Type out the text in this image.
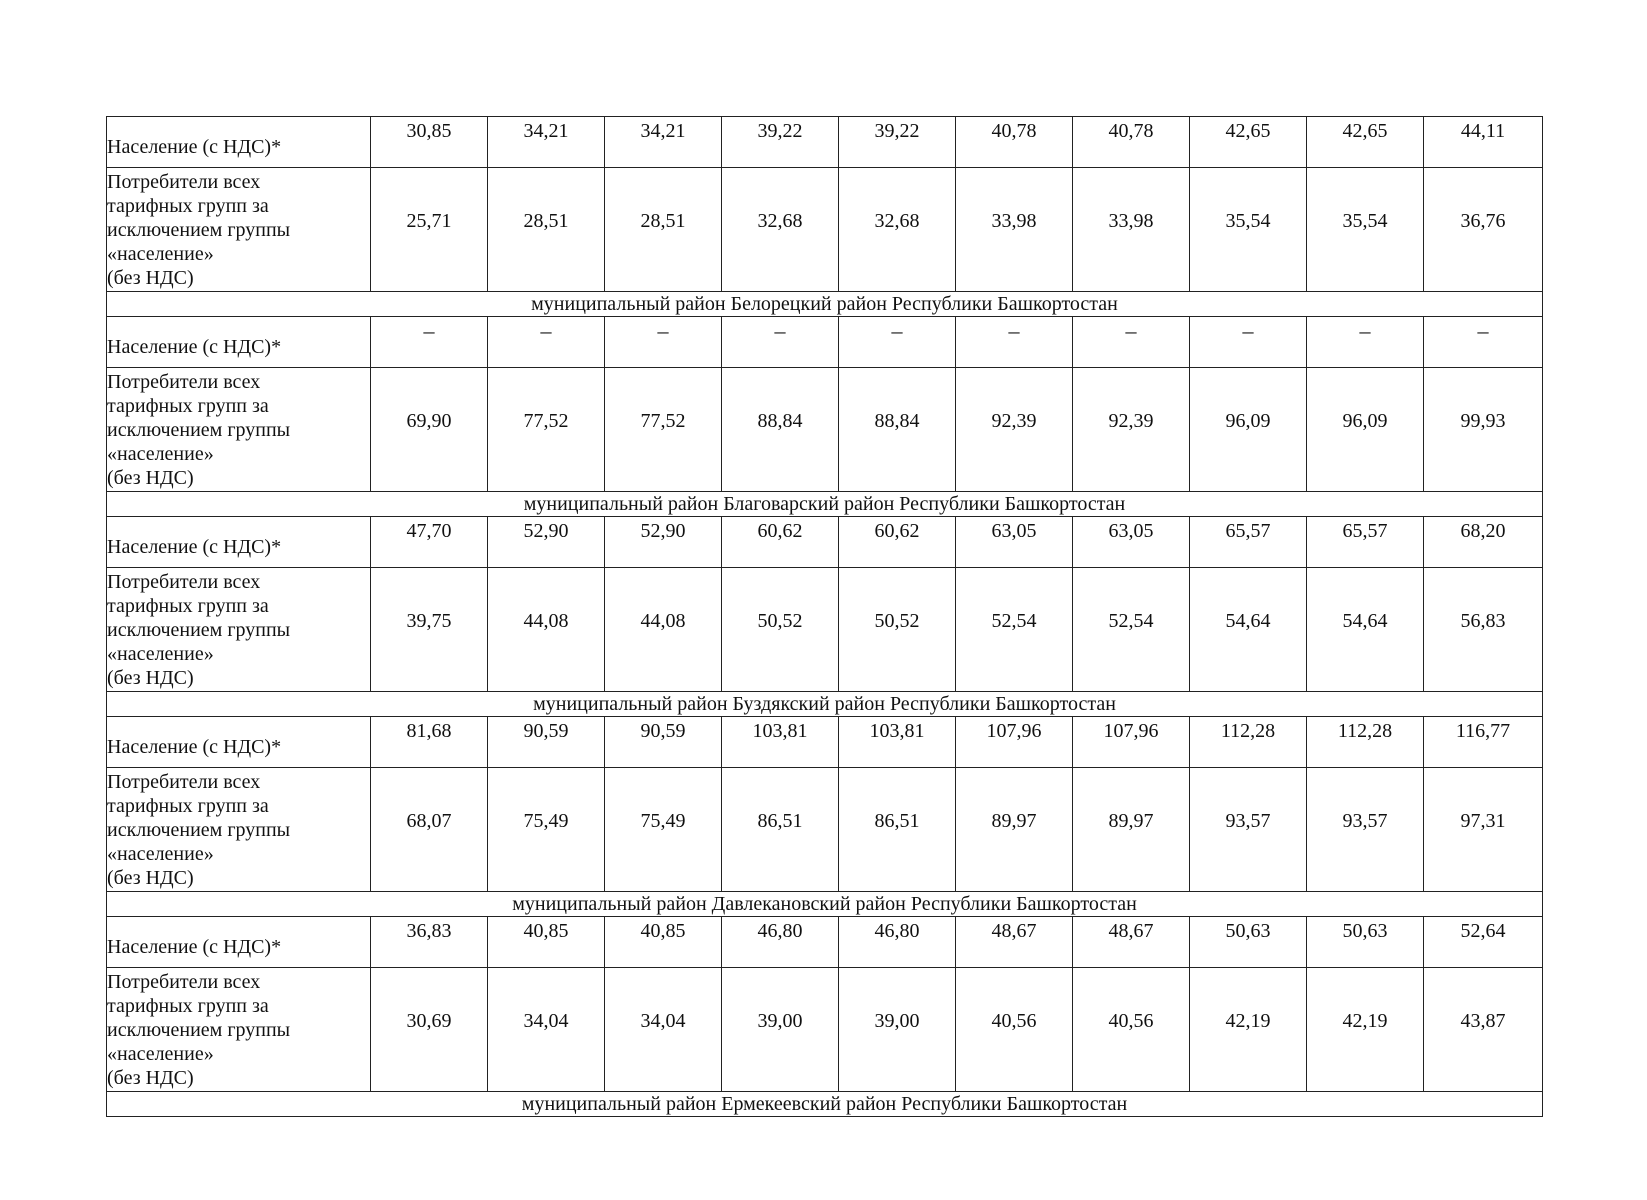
Население (с НДС)*	30,85	34,21	34,21	39,22	39,22	40,78	40,78	42,65	42,65	44,11

Потребители всех
тарифных групп за
исключением группы
«население»
(без НДС)	25,71	28,51	28,51	32,68	32,68	33,98	33,98	35,54	35,54	36,76
муниципальный район Белорецкий район Республики Башкортостан										
Население (с НДС)*	–	–	–	–	–	–	–	–	–	–

Потребители всех
тарифных групп за
исключением группы
«население»
(без НДС)	69,90	77,52	77,52	88,84	88,84	92,39	92,39	96,09	96,09	99,93
муниципальный район Благоварский район Республики Башкортостан										
Население (с НДС)*	47,70	52,90	52,90	60,62	60,62	63,05	63,05	65,57	65,57	68,20

Потребители всех
тарифных групп за
исключением группы
«население»
(без НДС)	39,75	44,08	44,08	50,52	50,52	52,54	52,54	54,64	54,64	56,83
муниципальный район Буздякский район Республики Башкортостан										
Население (с НДС)*	81,68	90,59	90,59	103,81	103,81	107,96	107,96	112,28	112,28	116,77

Потребители всех
тарифных групп за
исключением группы
«население»
(без НДС)	68,07	75,49	75,49	86,51	86,51	89,97	89,97	93,57	93,57	97,31
муниципальный район Давлекановский район Республики Башкортостан										
Население (с НДС)*	36,83	40,85	40,85	46,80	46,80	48,67	48,67	50,63	50,63	52,64

Потребители всех
тарифных групп за
исключением группы
«население»
(без НДС)	30,69	34,04	34,04	39,00	39,00	40,56	40,56	42,19	42,19	43,87
муниципальный район Ермекеевский район Республики Башкортостан										
